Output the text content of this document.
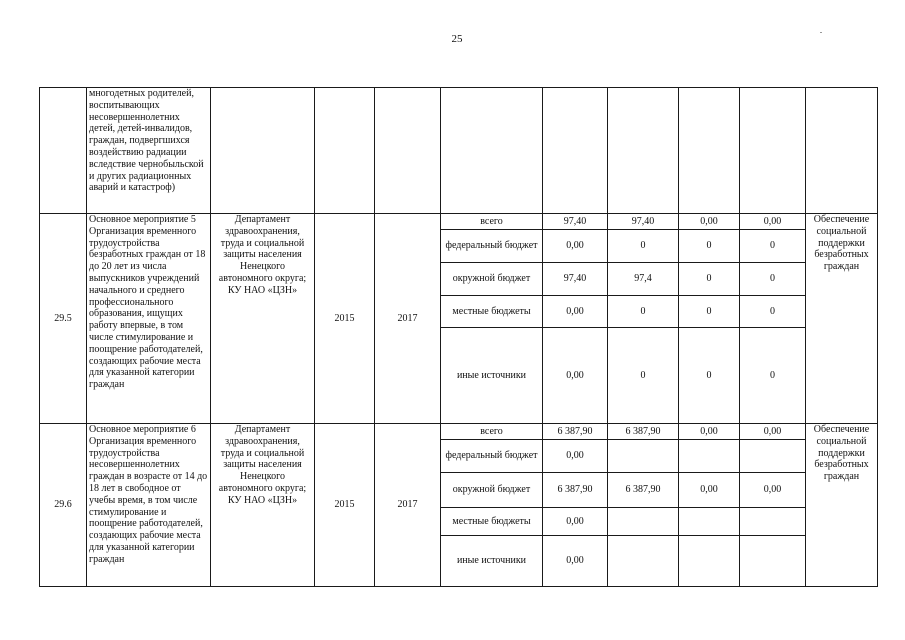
25
	многодетных родителей, воспитывающих несовершеннолетних детей, детей-инвалидов, граждан, подвергшихся воздействию радиации вследствие чернобыльской и других радиационных аварий и катастроф)									
29.5	Основное мероприятие 5 Организация временного трудоустройства безработных граждан от 18 до 20 лет из числа выпускников учреждений начального и среднего профессионального образования, ищущих работу впервые, в том числе стимулирование и поощрение работодателей, создающих рабочие места для указанной категории граждан	Департамент здравоохранения, труда и социальной защиты населения Ненецкого автономного округа; КУ НАО «ЦЗН»	2015	2017	всего	97,40	97,40	0,00	0,00	Обеспечение социальной поддержки безработных граждан
					федеральный бюджет	0,00	0	0	0	
					окружной бюджет	97,40	97,4	0	0	
					местные бюджеты	0,00	0	0	0	
					иные источники	0,00	0	0	0	
29.6	Основное мероприятие 6 Организация временного трудоустройства несовершеннолетних граждан в возрасте от 14 до 18 лет в свободное от учебы время, в том числе стимулирование и поощрение работодателей, создающих рабочие места для указанной категории граждан	Департамент здравоохранения, труда и социальной защиты населения Ненецкого автономного округа; КУ НАО «ЦЗН»	2015	2017	всего	6 387,90	6 387,90	0,00	0,00	Обеспечение социальной поддержки безработных граждан
					федеральный бюджет	0,00				
					окружной бюджет	6 387,90	6 387,90	0,00	0,00	
					местные бюджеты	0,00				
					иные источники	0,00				
